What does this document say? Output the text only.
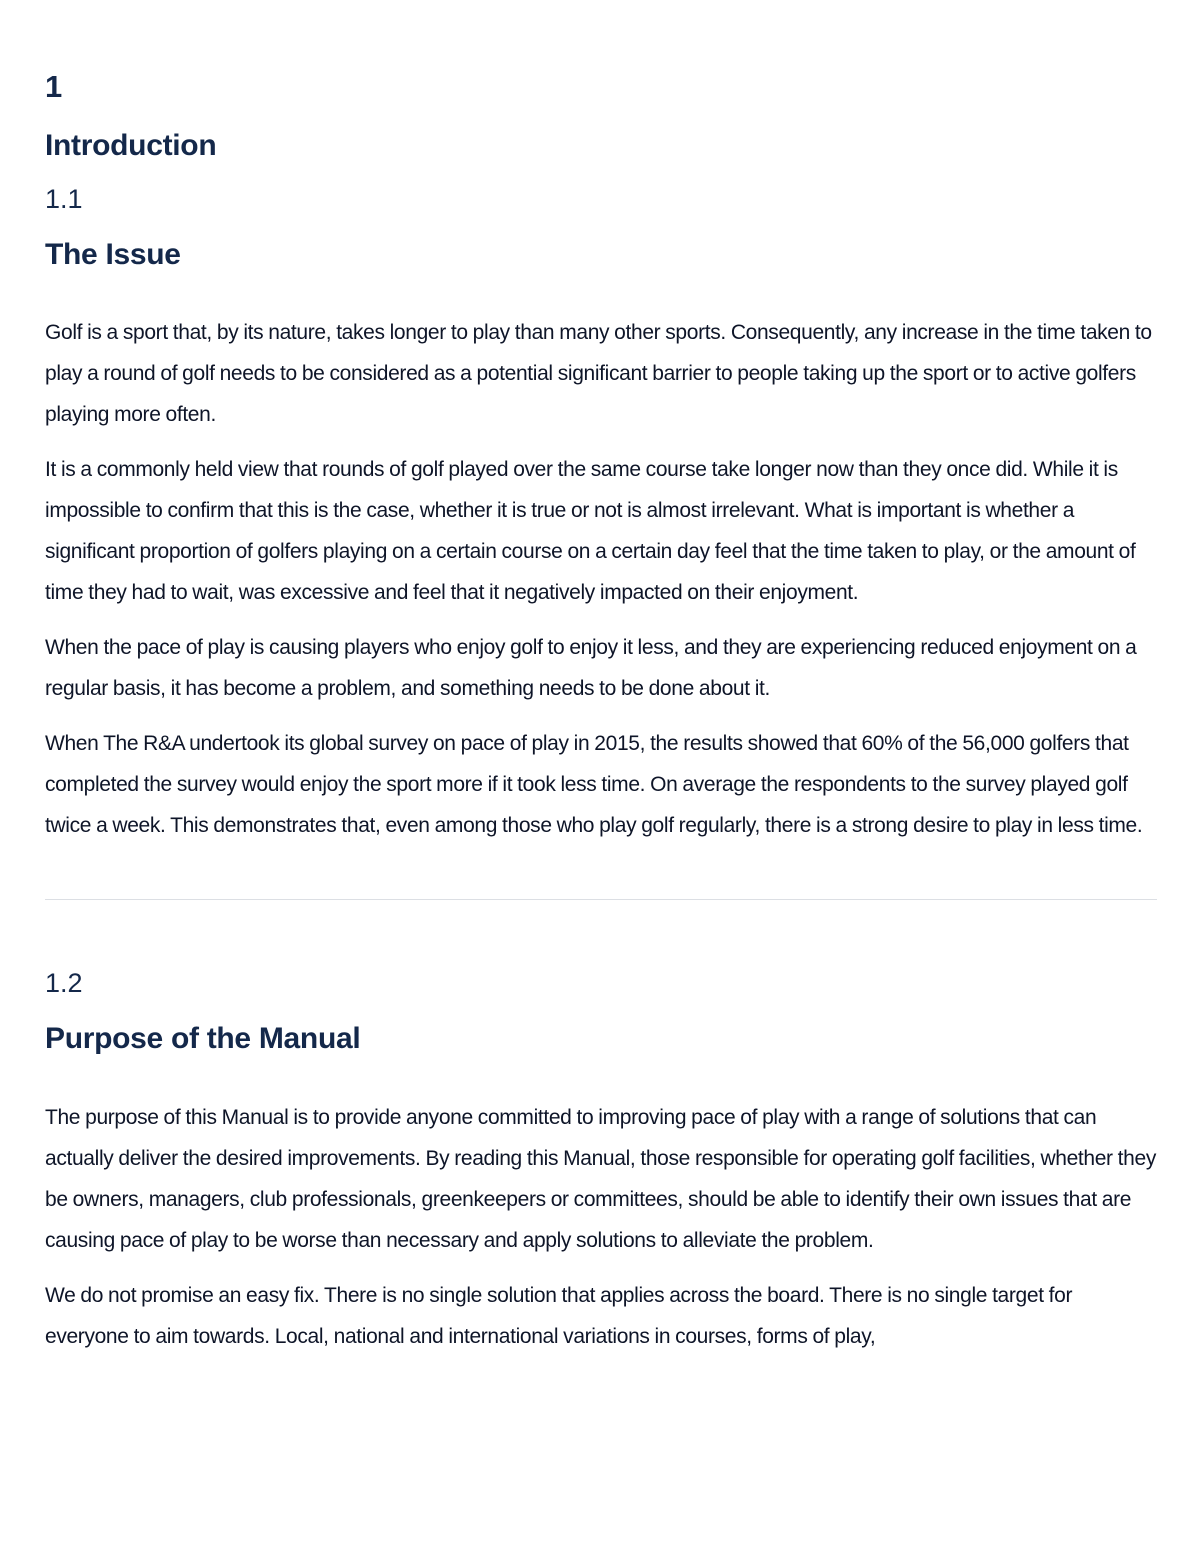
1
Introduction
1.1
The Issue

Golf is a sport that, by its nature, takes longer to play than many other sports. Consequently, any increase in the time taken to play a round of golf needs to be considered as a potential significant barrier to people taking up the sport or to active golfers playing more often.

It is a commonly held view that rounds of golf played over the same course take longer now than they once did. While it is impossible to confirm that this is the case, whether it is true or not is almost irrelevant. What is important is whether a significant proportion of golfers playing on a certain course on a certain day feel that the time taken to play, or the amount of time they had to wait, was excessive and feel that it negatively impacted on their enjoyment.

When the pace of play is causing players who enjoy golf to enjoy it less, and they are experiencing reduced enjoyment on a regular basis, it has become a problem, and something needs to be done about it.

When The R&A undertook its global survey on pace of play in 2015, the results showed that 60% of the 56,000 golfers that completed the survey would enjoy the sport more if it took less time. On average the respondents to the survey played golf twice a week. This demonstrates that, even among those who play golf regularly, there is a strong desire to play in less time.

1.2
Purpose of the Manual

The purpose of this Manual is to provide anyone committed to improving pace of play with a range of solutions that can actually deliver the desired improvements. By reading this Manual, those responsible for operating golf facilities, whether they be owners, managers, club professionals, greenkeepers or committees, should be able to identify their own issues that are causing pace of play to be worse than necessary and apply solutions to alleviate the problem.

We do not promise an easy fix. There is no single solution that applies across the board. There is no single target for everyone to aim towards. Local, national and international variations in courses, forms of play,
